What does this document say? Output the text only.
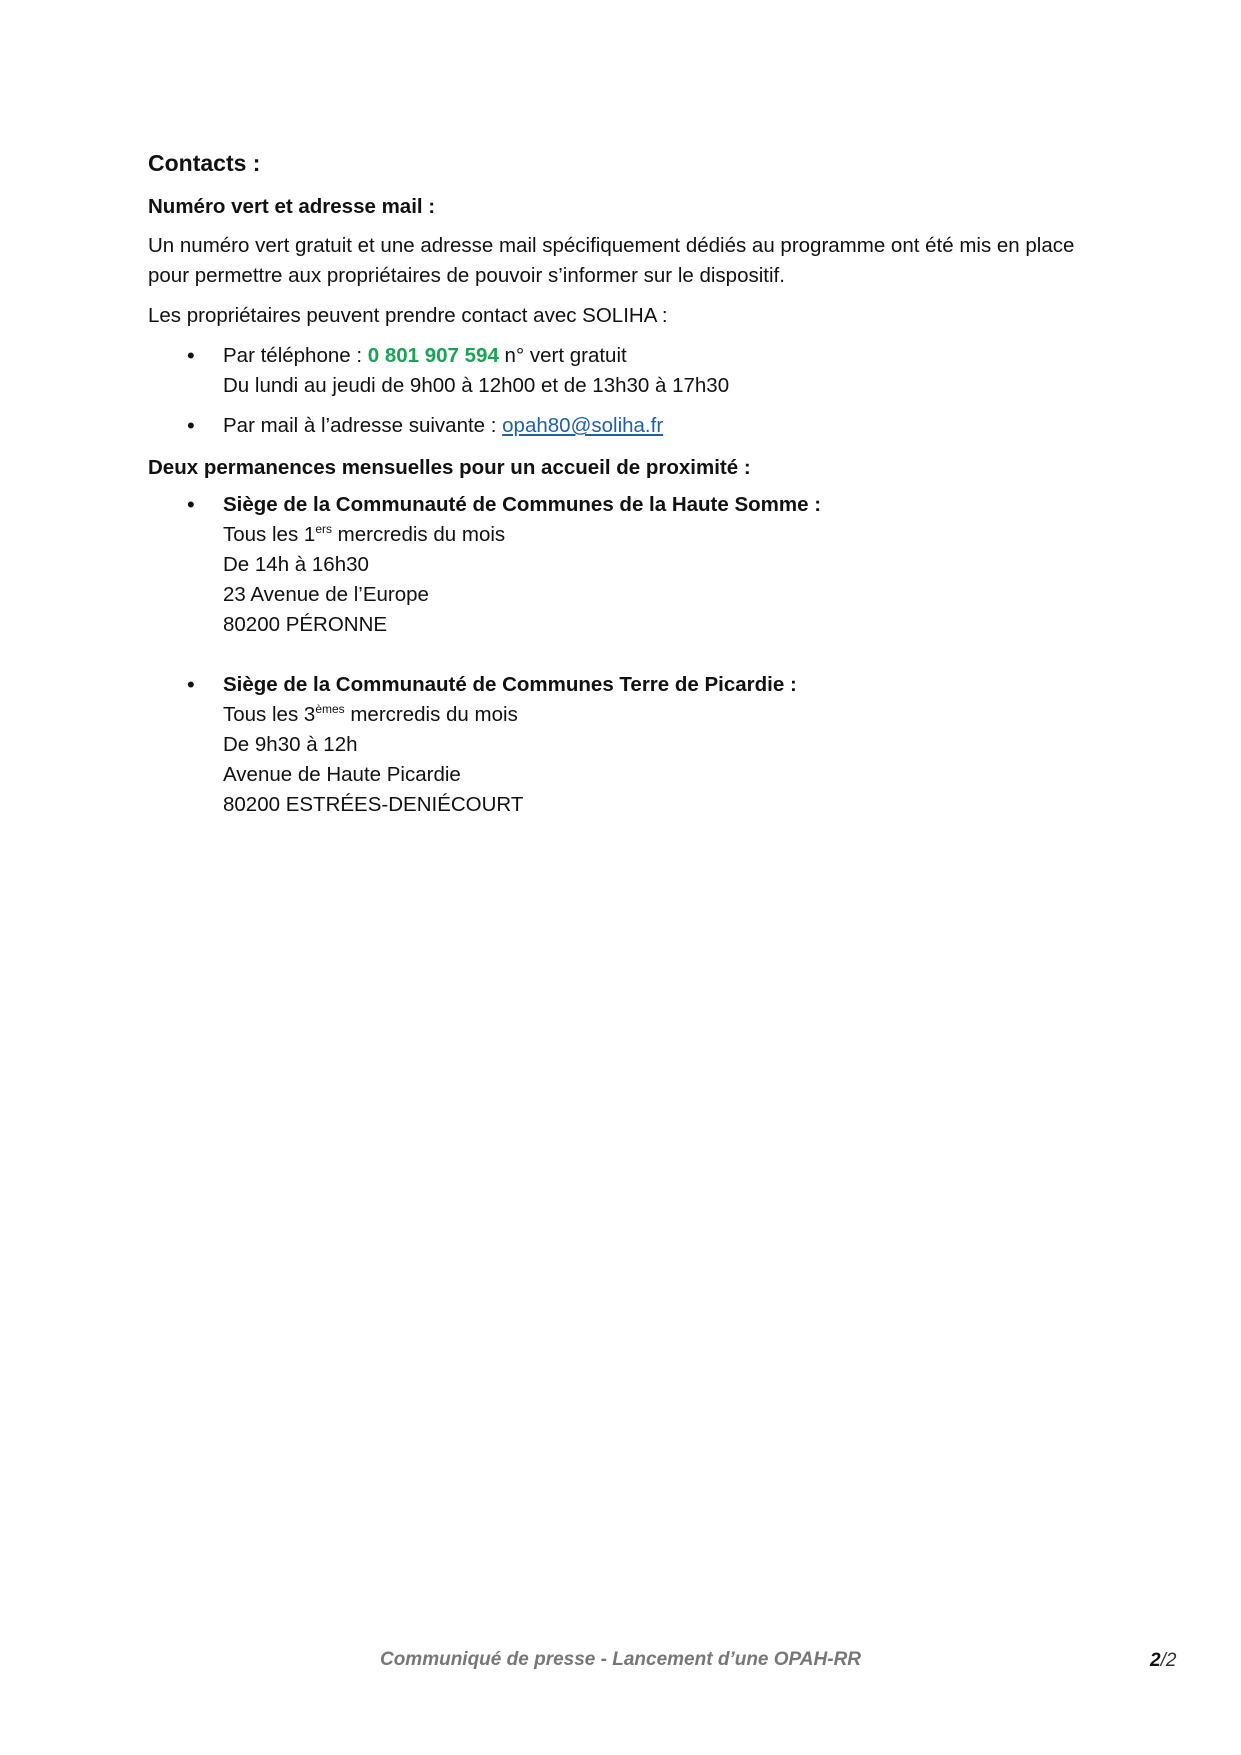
Contacts :

Numéro vert et adresse mail :

Un numéro vert gratuit et une adresse mail spécifiquement dédiés au programme ont été mis en place
pour permettre aux propriétaires de pouvoir s’informer sur le dispositif.

Les propriétaires peuvent prendre contact avec SOLIHA :

• Par téléphone : 0 801 907 594 n° vert gratuit
Du lundi au jeudi de 9h00 à 12h00 et de 13h30 à 17h30
• Par mail à l’adresse suivante : opah80@soliha.fr

Deux permanences mensuelles pour un accueil de proximité :

• Siège de la Communauté de Communes de la Haute Somme :
Tous les 1ers mercredis du mois
De 14h à 16h30
23 Avenue de l’Europe
80200 PÉRONNE
• Siège de la Communauté de Communes Terre de Picardie :
Tous les 3èmes mercredis du mois
De 9h30 à 12h
Avenue de Haute Picardie
80200 ESTRÉES-DENIÉCOURT
Communiqué de presse - Lancement d’une OPAH-RR	2/2
